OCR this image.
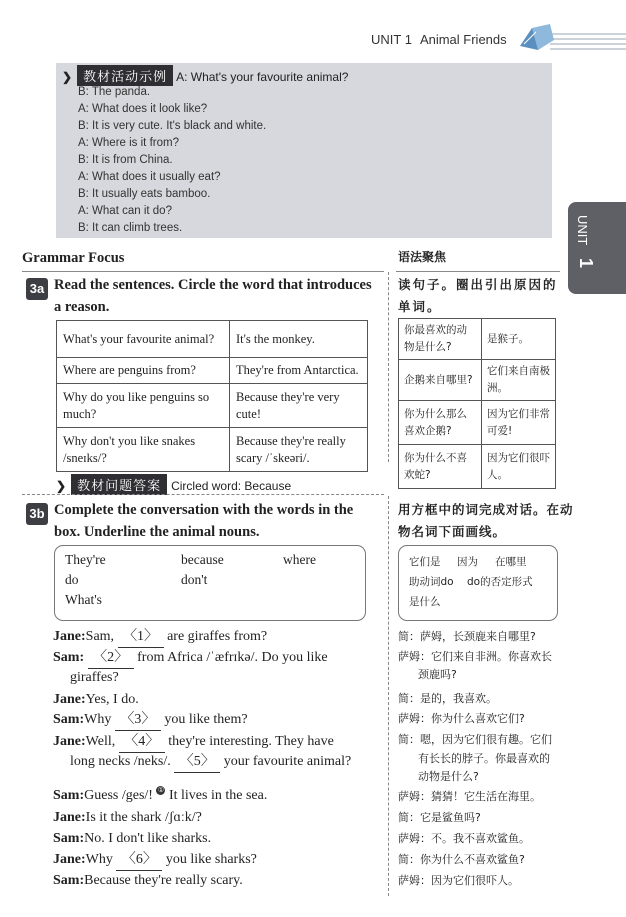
UNIT 1 Animal Friends
❯ 教材活动示例 A: What's your favourite animal?
B: The panda.
A: What does it look like?
B: It is very cute. It's black and white.
A: Where is it from?
B: It is from China.
A: What does it usually eat?
B: It usually eats bamboo.
A: What can it do?
B: It can climb trees.	UNIT
1
Grammar Focus	语法聚焦
3a Read the sentences. Circle the word that introduces
a reason.
读句子。圈出引出原因的
单词。
What's your favourite animal?	It's the monkey.
Where are penguins from?	They're from Antarctica.
Why do you like penguins so much?	Because they're very cute!
Why don't you like snakes /sneɪks/?	Because they're really scary /ˈskeəri/.
你最喜欢的动物是什么?	是猴子。
企鹅来自哪里?	它们来自南极洲。
你为什么那么喜欢企鹅?	因为它们非常可爱!
你为什么不喜欢蛇?	因为它们很吓人。
❯ 教材问题答案 Circled word: Because
3b Complete the conversation with the words in the
box. Underline the animal nouns.
用方框中的词完成对话。在动
物名词下面画线。
They're	because	where
do	don't
What's
它们是 因为 在哪里
助动词do do的否定形式
是什么
Jane:Sam, 〈1〉 are giraffes from?
Sam: 〈2〉 from Africa /ˈæfrɪkə/. Do you like
giraffes?
Jane:Yes, I do.
Sam:Why 〈3〉 you like them?
Jane:Well, 〈4〉 they're interesting. They have
long necks /neks/. 〈5〉 your favourite animal?
Sam:Guess /ges/! ① It lives in the sea.
Jane:Is it the shark /ʃɑːk/?
Sam:No. I don't like sharks.
Jane:Why 〈6〉 you like sharks?
Sam:Because they're really scary.
简：萨姆，长颈鹿来自哪里?
萨姆：它们来自非洲。你喜欢长
颈鹿吗?
简：是的，我喜欢。
萨姆：你为什么喜欢它们?
简：嗯，因为它们很有趣。它们
有长长的脖子。你最喜欢的
动物是什么?
萨姆：猜猜！它生活在海里。
简：它是鲨鱼吗?
萨姆：不。我不喜欢鲨鱼。
简：你为什么不喜欢鲨鱼?
萨姆：因为它们很吓人。
